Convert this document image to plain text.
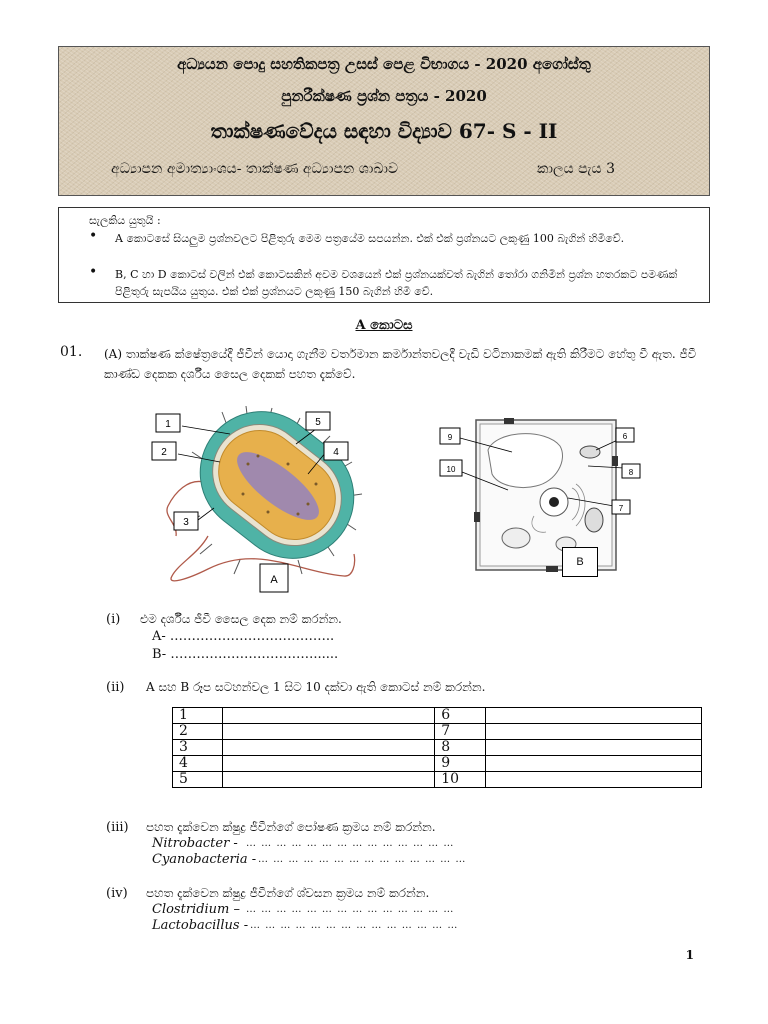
අධ්‍යයන පොදු සහතිකපත්‍ර උසස් පෙළ විභාගය - 2020 අගෝස්තු
පුනරීක්ෂණ ප්‍රශ්න පත්‍රය - 2020
තාක්ෂණවේදය සඳහා විද්‍යාව 67- S - II
අධ්‍යාපන අමාත්‍යාංශය- තාක්ෂණ අධ්‍යාපන ශාඛාව	කාලය පැය 3
සැලකිය යුතුයි :
• A කොටසේ සියලුම ප්‍රශ්නවලට පිළිතුරු මෙම පත්‍රයේම සපයන්න. එක් එක් ප්‍රශ්නයට ලකුණු 100 බැගින් හිමිවේ.
• B, C හා D කොටස් වලින් එක් කොටසකින් අවම වශයෙන් එක් ප්‍රශ්නයක්වත් බැගින් තෝරා ගනිමින් ප්‍රශ්න හතරකට පමණක් පිළිතුරු සැපයිය යුතුය. එක් එක් ප්‍රශ්නයට ලකුණු 150 බැගින් හිමි වේ.
A කොටස
01. (A) තාක්ෂණ ක්ෂේත්‍රයේදී ජීවීන් යොදා ගැනීම වර්තමාන කර්මාන්තවලදී වැඩි වටිනාකමක් ඇති කිරීමට හේතු වී ඇත. ජීවී කාණ්ඩ දෙකක දර්ශීය සෛල දෙකක් පහත දැක්වේ.
1
2
3
4
5
A
9
10
6
8
7
B
(i) එම දර්ශීය ජීවී සෛල දෙක නම් කරන්න.
A- ………………………………..
B- ……………………………......
(ii) A සහ B රූප සටහන්වල 1 සිට 10 දක්වා ඇති කොටස් නම් කරන්න.
1		6	
2		7	
3		8	
4		9	
5		10	
(iii) පහත දැක්වෙන ක්ෂුද්‍ර ජීවීන්ගේ පෝෂණ ක්‍රමය නම් කරන්න.
Nitrobacter - … … … … … … … … … … … … … …
Cyanobacteria - … … … … … … … … … … … … … …
(iv) පහත දැක්වෙන ක්ෂුද්‍ර ජීවීන්ගේ ශ්වසන ක්‍රමය නම් කරන්න.
Clostridium – … … … … … … … … … … … … … …
Lactobacillus - … … … … … … … … … … … … … …
1
